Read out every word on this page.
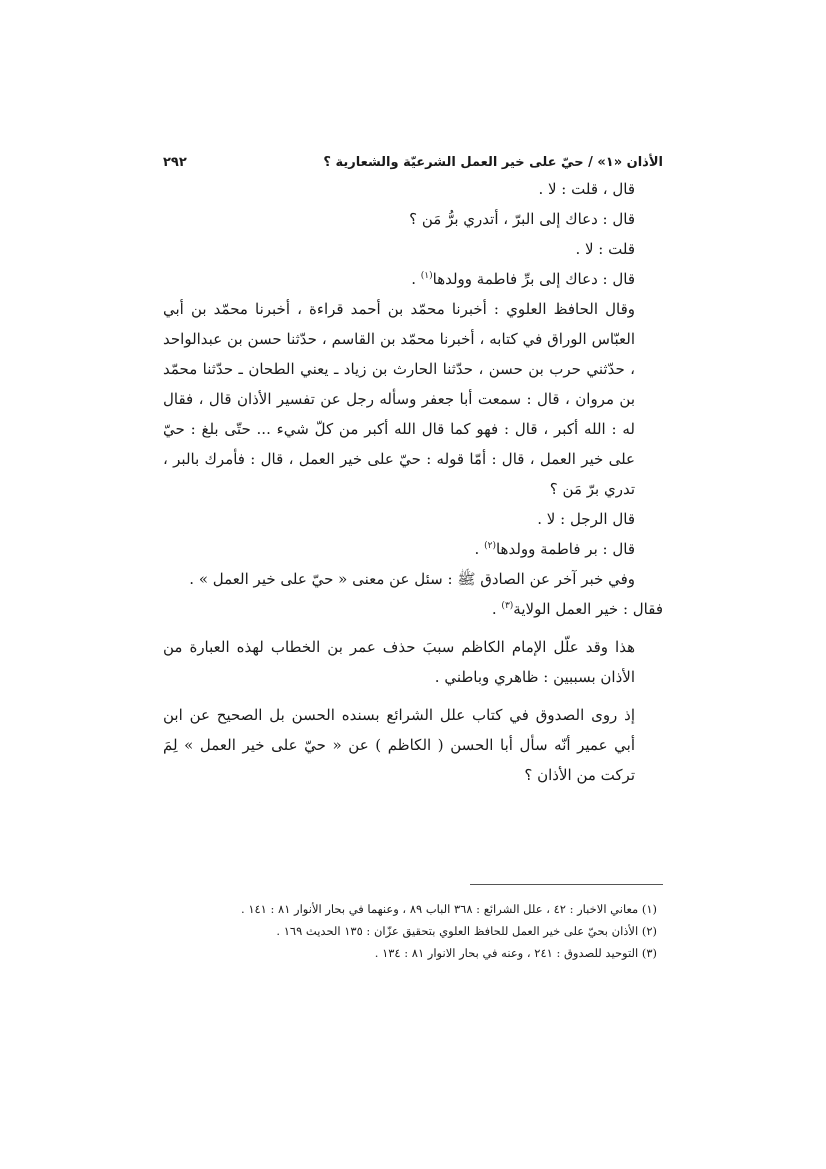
الأذان «١» / حيّ على خير العمل الشرعيّة والشعارية ؟
٢٩٢

قال ، قلت : لا .

قال : دعاك إلى البرّ ، أتدري برُّ مَن ؟

قلت : لا .

قال : دعاك إلى برِّ فاطمة وولدها$^{(١)}$ .

وقال الحافظ العلوي : أخبرنا محمّد بن أحمد قراءة ، أخبرنا محمّد بن أبي العبّاس الوراق في كتابه ، أخبرنا محمّد بن القاسم ، حدّثنا حسن بن عبدالواحد ، حدّثني حرب بن حسن ، حدّثنا الحارث بن زياد ـ يعني الطحان ـ حدّثنا محمّد بن مروان ، قال : سمعت أبا جعفر وسأله رجل عن تفسير الأذان قال ، فقال له : الله أكبر ، قال : فهو كما قال الله أكبر من كلّ شيء ... حتّى بلغ : حيّ على خير العمل ، قال : أمّا قوله : حيّ على خير العمل ، قال : فأمرك بالبر ، تدري برّ مَن ؟

قال الرجل : لا .

قال : بر فاطمة وولدها$^{(٢)}$ .

وفي خبر آخر عن الصادق ﷺ : سئل عن معنى « حيّ على خير العمل » .

فقال : خير العمل الولاية$^{(٣)}$ .

هذا وقد علّل الإمام الكاظم سببَ حذف عمر بن الخطاب لهذه العبارة من الأذان بسببين : ظاهري وباطني .

إذ روى الصدوق في كتاب علل الشرائع بسنده الحسن بل الصحيح عن ابن أبي عمير أنّه سأل أبا الحسن ( الكاظم ) عن « حيّ على خير العمل » لِمَ تركت من الأذان ؟

(١) معاني الاخبار : ٤٢ ، علل الشرائع : ٣٦٨ الباب ٨٩ ، وعنهما في بحار الأنوار ٨١ : ١٤١ .

(٢) الأذان بحيّ على خير العمل للحافظ العلوي بتحقيق عزّان : ١٣٥ الحديث ١٦٩ .

(٣) التوحيد للصدوق : ٢٤١ ، وعنه في بحار الانوار ٨١ : ١٣٤ .
